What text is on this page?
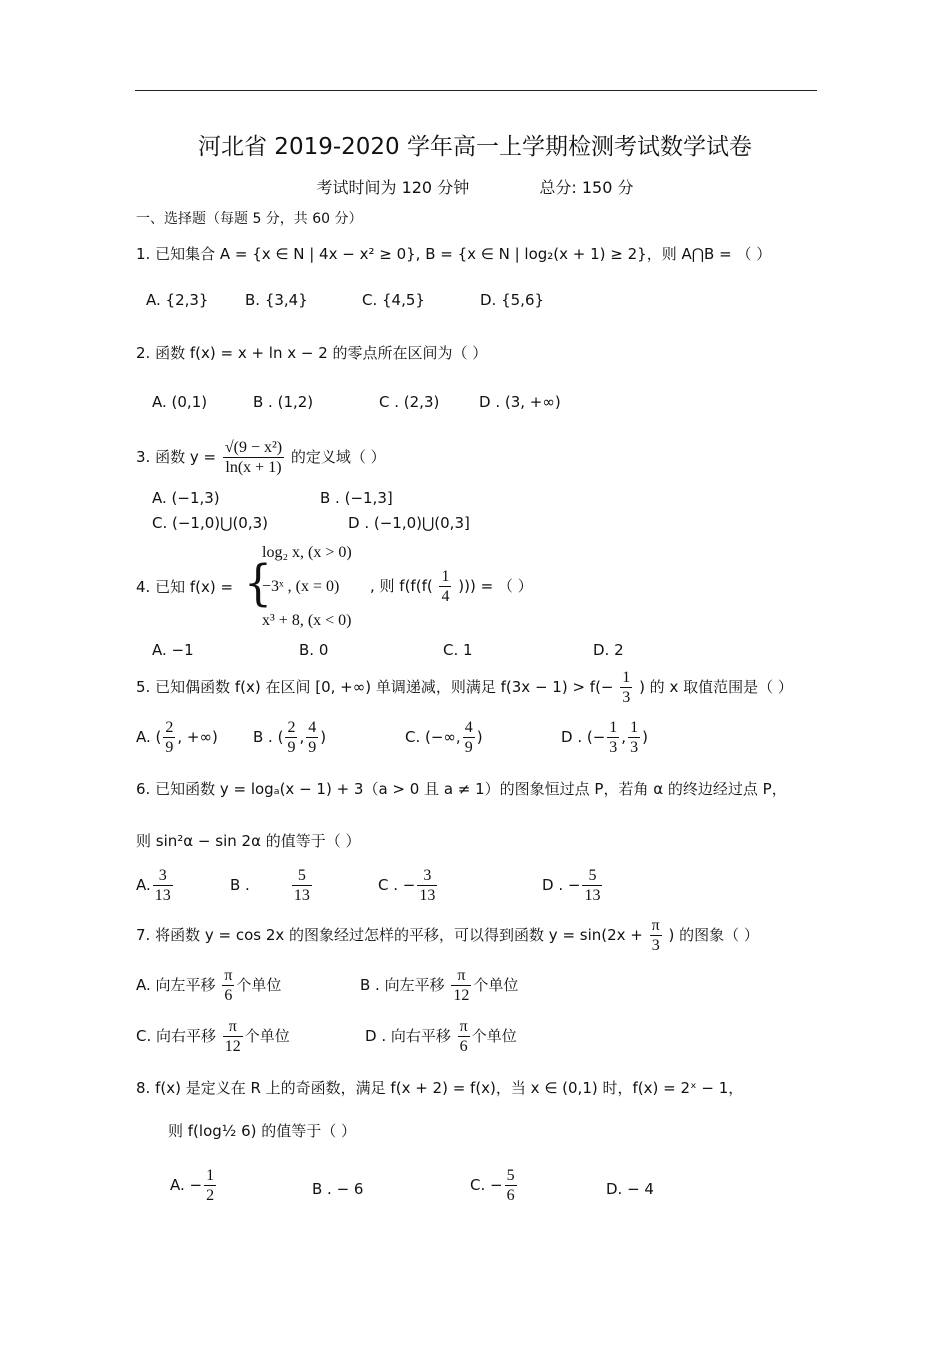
河北省 2019-2020 学年高一上学期检测考试数学试卷
考试时间为 120 分钟	总分: 150 分
一、选择题（每题 5 分，共 60 分）
1. 已知集合 A = {x ∈ N | 4x − x² ≥ 0}, B = {x ∈ N | log₂(x + 1) ≥ 2}，则 A⋂B = （ ）
A. {2,3} B. {3,4}	C. {4,5}	D. {5,6}
2. 函数 f(x) = x + ln x − 2 的零点所在区间为（ ）
A. (0,1)	B . (1,2)	C . (2,3)	D . (3, +∞)
3. 函数 $y = \frac{\text{√(9 − x²)}}{\ln(x + 1)}$ 的定义域（ ）
A. (−1,3)	B . (−1,3]
C. (−1,0)⋃(0,3)	D . (−1,0)⋃(0,3]
4. 已知 f(x) = {
log₂ x, (x > 0)
−3ˣ , (x = 0)
x³ + 8, (x < 0)
, 则 $f(f(f( \frac{1}{4}$ ))) = （ ）
A. −1	B. 0	C. 1	D. 2
5. 已知偶函数 f(x) 在区间 [0, +∞) 单调递减，则满足 $f(3x - 1) > f(- \frac{1}{3}$ ) 的 x 取值范围是（ ）
A. ( $\frac{2}{9}$ , +∞) B . ( $\frac{2}{9}$ , $\frac{4}{9}$ )	C. (−∞, $\frac{4}{9}$ )	D . (− $\frac{1}{3}$ , $\frac{1}{3}$ )
6. 已知函数 y = logₐ(x − 1) + 3（a > 0 且 a ≠ 1）的图象恒过点 P，若角 α 的终边经过点 P，
则 sin²α − sin 2α 的值等于（ ）
A. $\frac{3}{13}$	B .	$\frac{5}{13}$	C . − $\frac{3}{13}$	D . − $\frac{5}{13}$
7. 将函数 y = cos 2x 的图象经过怎样的平移，可以得到函数 $y = \sin(2x + \frac{\pi}{3}$ ) 的图象（ ）
A. 向左平移 $\frac{\pi}{6}$ 个单位	B . 向左平移 $\frac{\pi}{12}$ 个单位
C. 向右平移 $\frac{\pi}{12}$ 个单位	D . 向右平移 $\frac{\pi}{6}$ 个单位
8. f(x) 是定义在 R 上的奇函数，满足 f(x + 2) = f(x)，当 x ∈ (0,1) 时，f(x) = 2ˣ − 1，
则 f(log½ 6) 的值等于（ ）
A. − $\frac{1}{2}$	B . − 6	C. − $\frac{5}{6}$	D. − 4
